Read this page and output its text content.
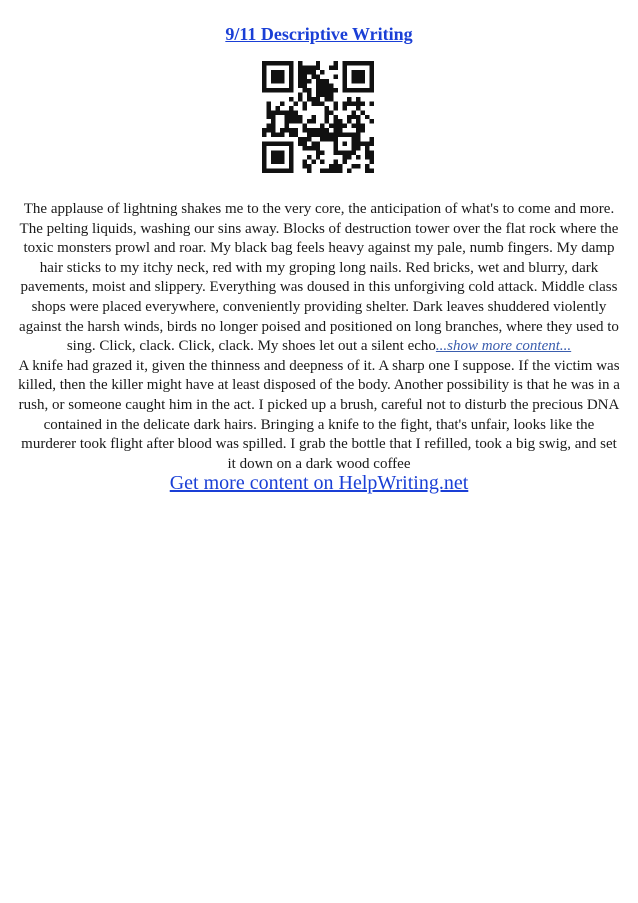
9/11 Descriptive Writing

The applause of lightning shakes me to the very core, the anticipation of what's to come and more. The pelting liquids, washing our sins away. Blocks of destruction tower over the flat rock where the toxic monsters prowl and roar. My black bag feels heavy against my pale, numb fingers. My damp hair sticks to my itchy neck, red with my groping long nails. Red bricks, wet and blurry, dark pavements, moist and slippery. Everything was doused in this unforgiving cold attack. Middle class shops were placed everywhere, conveniently providing shelter. Dark leaves shuddered violently against the harsh winds, birds no longer poised and positioned on long branches, where they used to sing. Click, clack. Click, clack. My shoes let out a silent echo...show more content...

A knife had grazed it, given the thinness and deepness of it. A sharp one I suppose. If the victim was killed, then the killer might have at least disposed of the body. Another possibility is that he was in a rush, or someone caught him in the act. I picked up a brush, careful not to disturb the precious DNA contained in the delicate dark hairs. Bringing a knife to the fight, that's unfair, looks like the murderer took flight after blood was spilled. I grab the bottle that I refilled, took a big swig, and set it down on a dark wood coffee

Get more content on HelpWriting.net
